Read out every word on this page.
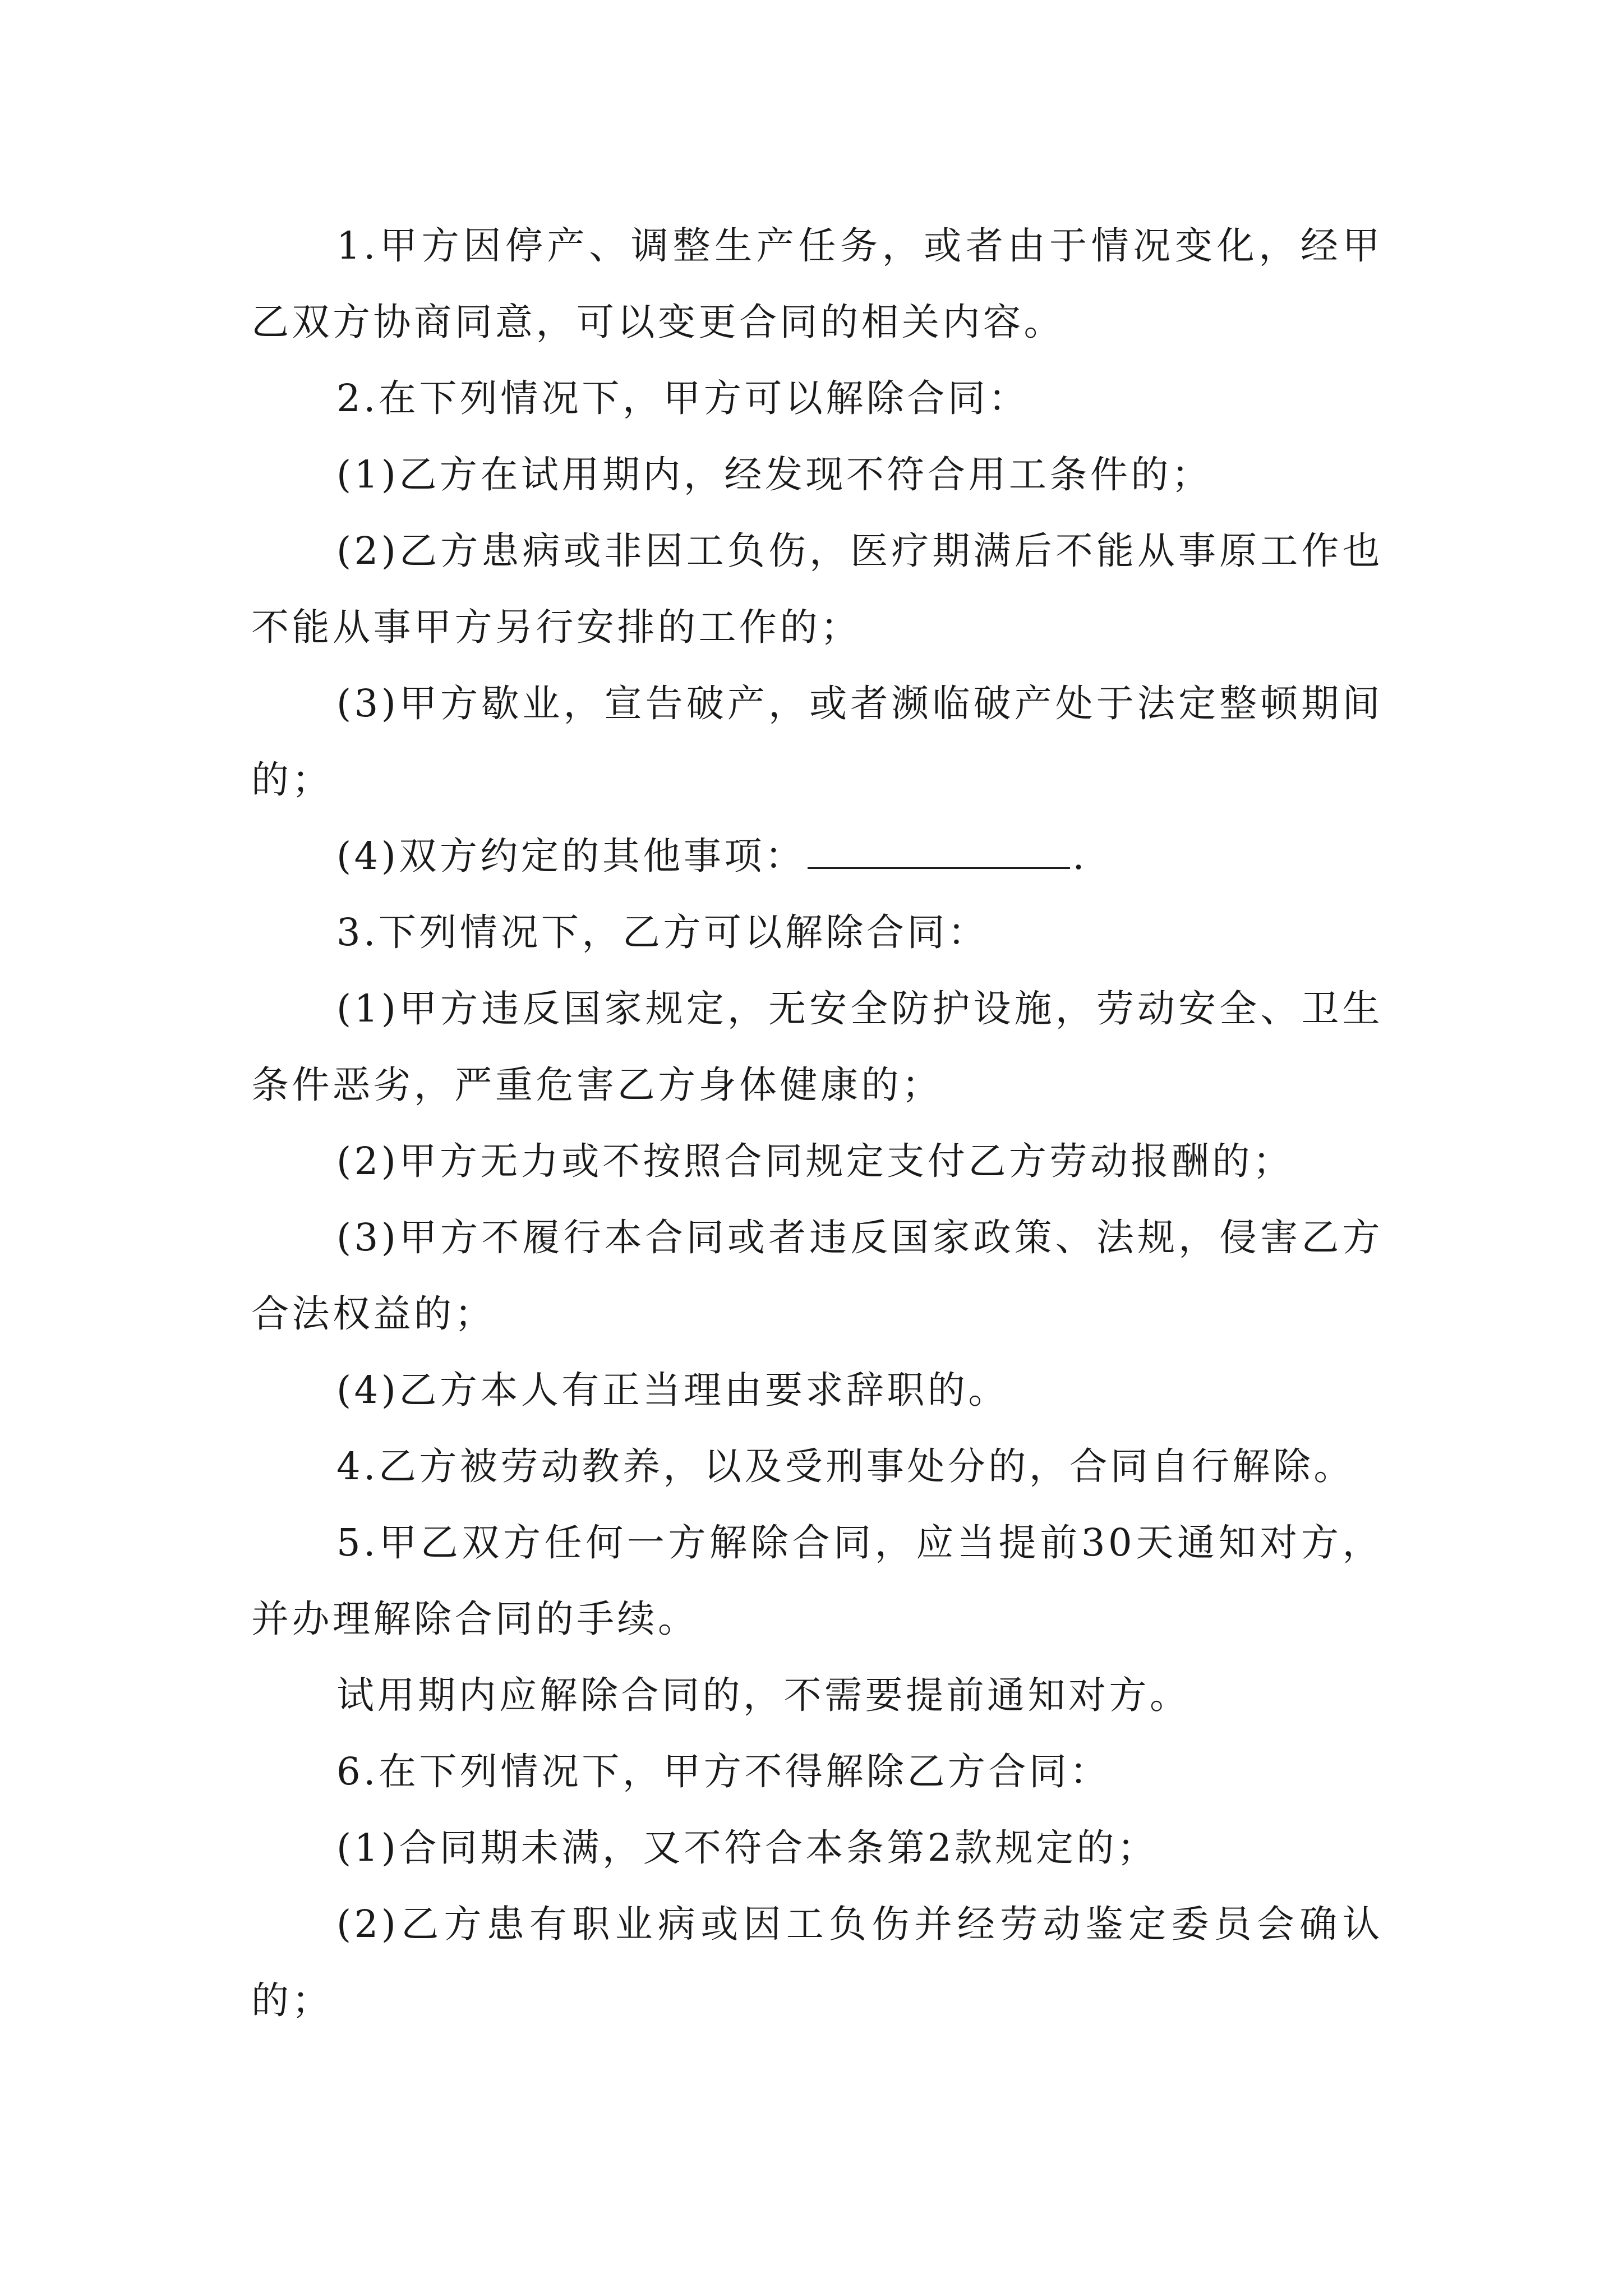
1.甲方因停产、调整生产任务，或者由于情况变化，经甲乙双方协商同意，可以变更合同的相关内容。

2.在下列情况下，甲方可以解除合同：

(1)乙方在试用期内，经发现不符合用工条件的；

(2)乙方患病或非因工负伤，医疗期满后不能从事原工作也不能从事甲方另行安排的工作的；

(3)甲方歇业，宣告破产，或者濒临破产处于法定整顿期间的；

(4)双方约定的其他事项：	.

3.下列情况下，乙方可以解除合同：

(1)甲方违反国家规定，无安全防护设施，劳动安全、卫生条件恶劣，严重危害乙方身体健康的；

(2)甲方无力或不按照合同规定支付乙方劳动报酬的；

(3)甲方不履行本合同或者违反国家政策、法规，侵害乙方合法权益的；

(4)乙方本人有正当理由要求辞职的。

4.乙方被劳动教养，以及受刑事处分的，合同自行解除。

5.甲乙双方任何一方解除合同，应当提前30天通知对方，并办理解除合同的手续。

试用期内应解除合同的，不需要提前通知对方。

6.在下列情况下，甲方不得解除乙方合同：

(1)合同期未满，又不符合本条第2款规定的；

(2)乙方患有职业病或因工负伤并经劳动鉴定委员会确认的；
